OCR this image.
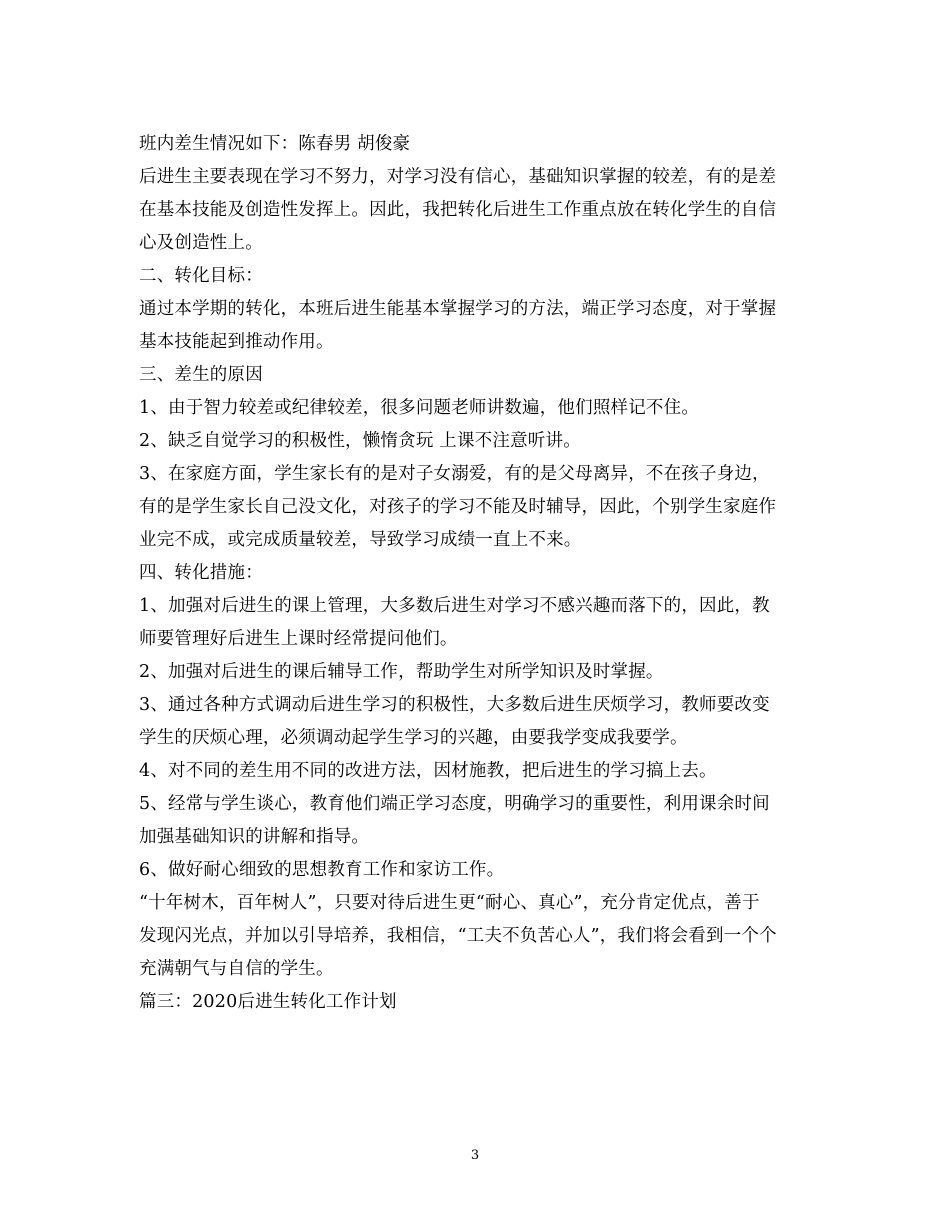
班内差生情况如下：陈春男 胡俊豪

后进生主要表现在学习不努力，对学习没有信心，基础知识掌握的较差，有的是差
在基本技能及创造性发挥上。因此，我把转化后进生工作重点放在转化学生的自信
心及创造性上。

二、转化目标：

通过本学期的转化，本班后进生能基本掌握学习的方法，端正学习态度，对于掌握
基本技能起到推动作用。

三、差生的原因

1、由于智力较差或纪律较差，很多问题老师讲数遍，他们照样记不住。

2、缺乏自觉学习的积极性，懒惰贪玩 上课不注意听讲。

3、在家庭方面，学生家长有的是对子女溺爱，有的是父母离异，不在孩子身边，
有的是学生家长自己没文化，对孩子的学习不能及时辅导，因此，个别学生家庭作
业完不成，或完成质量较差，导致学习成绩一直上不来。

四、转化措施：

1、加强对后进生的课上管理，大多数后进生对学习不感兴趣而落下的，因此，教
师要管理好后进生上课时经常提问他们。

2、加强对后进生的课后辅导工作，帮助学生对所学知识及时掌握。

3、通过各种方式调动后进生学习的积极性，大多数后进生厌烦学习，教师要改变
学生的厌烦心理，必须调动起学生学习的兴趣，由要我学变成我要学。

4、对不同的差生用不同的改进方法，因材施教，把后进生的学习搞上去。

5、经常与学生谈心，教育他们端正学习态度，明确学习的重要性，利用课余时间
加强基础知识的讲解和指导。

6、做好耐心细致的思想教育工作和家访工作。

“十年树木，百年树人”，只要对待后进生更“耐心、真心”，充分肯定优点，善于
发现闪光点，并加以引导培养，我相信，“工夫不负苦心人”，我们将会看到一个个
充满朝气与自信的学生。

篇三：2020后进生转化工作计划

3
